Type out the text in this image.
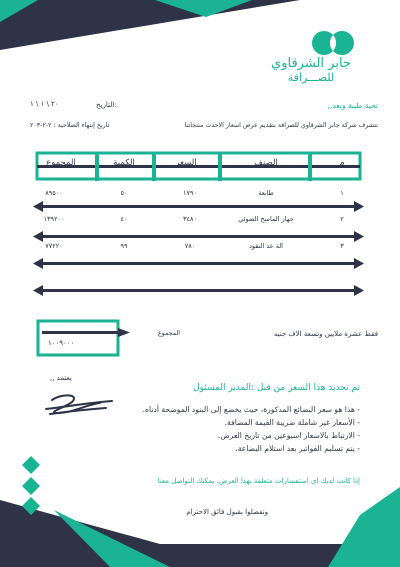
جابر الشرقاوي
للصـــرافة
تحية طيبة وبعد,,
التاريخ:
٢٠ \ ١ \ ١
تتشرف شركة جابر الشرقاوي للصرافة بتقديم عرض اسعار الاحدث منتجاتنا
تاريخ إنتهاء الصلاحية : ٢-٢-٢٠٣
المجموع	الكمية	السعر	الصنف	م
٨٩٥٠٠	٥٠	١٧٩٠	طابعة	١
١٣٩٢٠٠	٤٠	٣٤٨٠	جهاز الماسح الضوئي	٢
٧٧٢٢٠	٩٩	٧٨٠	الة عد النقود	٣
١٠٠٩٠٠٠
المجموع	فقط عشرة ملايين وتسعة الاف جنيه
يعتمد ,,
تم تحديد هذا السعر من قبل :المدير المسئول
- هذا هو سعر البضائع المذكورة، حيث يخضع إلى البنود الموضحة أدناه.
- الأسعار غير شاملة ضريبة القيمة المضافة.
- الارتباط بالاسعار اسبوعين من تاريخ العرض.
- يتم تسليم الفواتير بعد استلام البضاعة.
إذا كانت لديك اي استفسارات متعلقة بهذا العرض، يمكنك التواصل معنا
وتفضلوا بقبول فائق الاحترام
